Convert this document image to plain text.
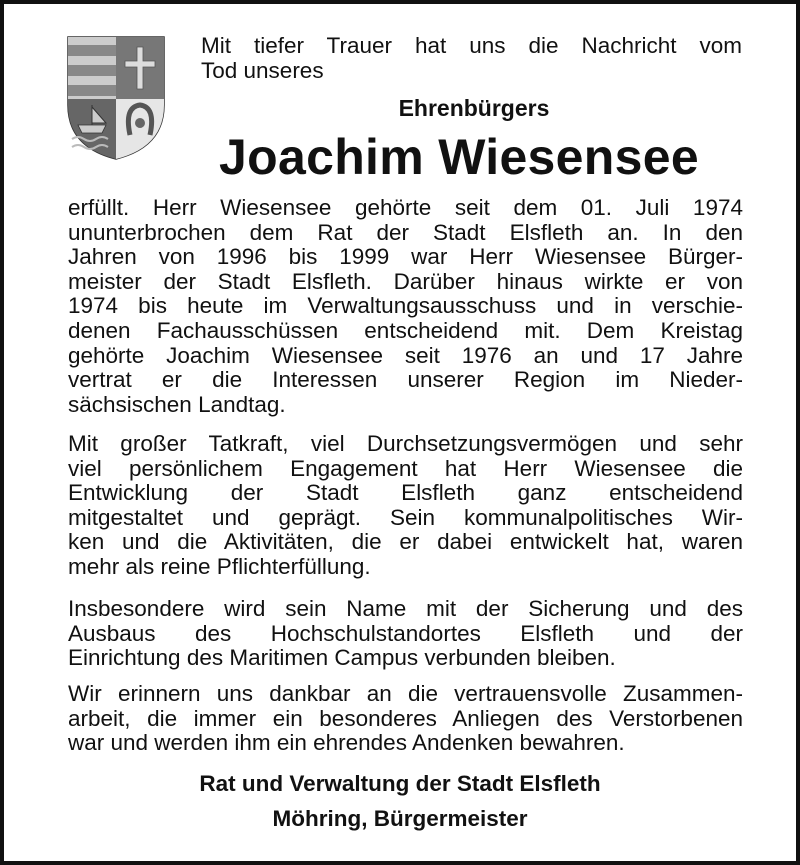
Mit tiefer Trauer hat uns die Nachricht vom
Tod unseres
Ehrenbürgers
Joachim Wiesensee
erfüllt. Herr Wiesensee gehörte seit dem 01. Juli 1974
ununterbrochen dem Rat der Stadt Elsfleth an. In den
Jahren von 1996 bis 1999 war Herr Wiesensee Bürger-
meister der Stadt Elsfleth. Darüber hinaus wirkte er von
1974 bis heute im Verwaltungsausschuss und in verschie-
denen Fachausschüssen entscheidend mit. Dem Kreistag
gehörte Joachim Wiesensee seit 1976 an und 17 Jahre
vertrat er die Interessen unserer Region im Nieder-
sächsischen Landtag.
Mit großer Tatkraft, viel Durchsetzungsvermögen und sehr
viel persönlichem Engagement hat Herr Wiesensee die
Entwicklung der Stadt Elsfleth ganz entscheidend
mitgestaltet und geprägt. Sein kommunalpolitisches Wir-
ken und die Aktivitäten, die er dabei entwickelt hat, waren
mehr als reine Pflichterfüllung.
Insbesondere wird sein Name mit der Sicherung und des
Ausbaus des Hochschulstandortes Elsfleth und der
Einrichtung des Maritimen Campus verbunden bleiben.
Wir erinnern uns dankbar an die vertrauensvolle Zusammen-
arbeit, die immer ein besonderes Anliegen des Verstorbenen
war und werden ihm ein ehrendes Andenken bewahren.
Rat und Verwaltung der Stadt Elsfleth
Möhring, Bürgermeister
